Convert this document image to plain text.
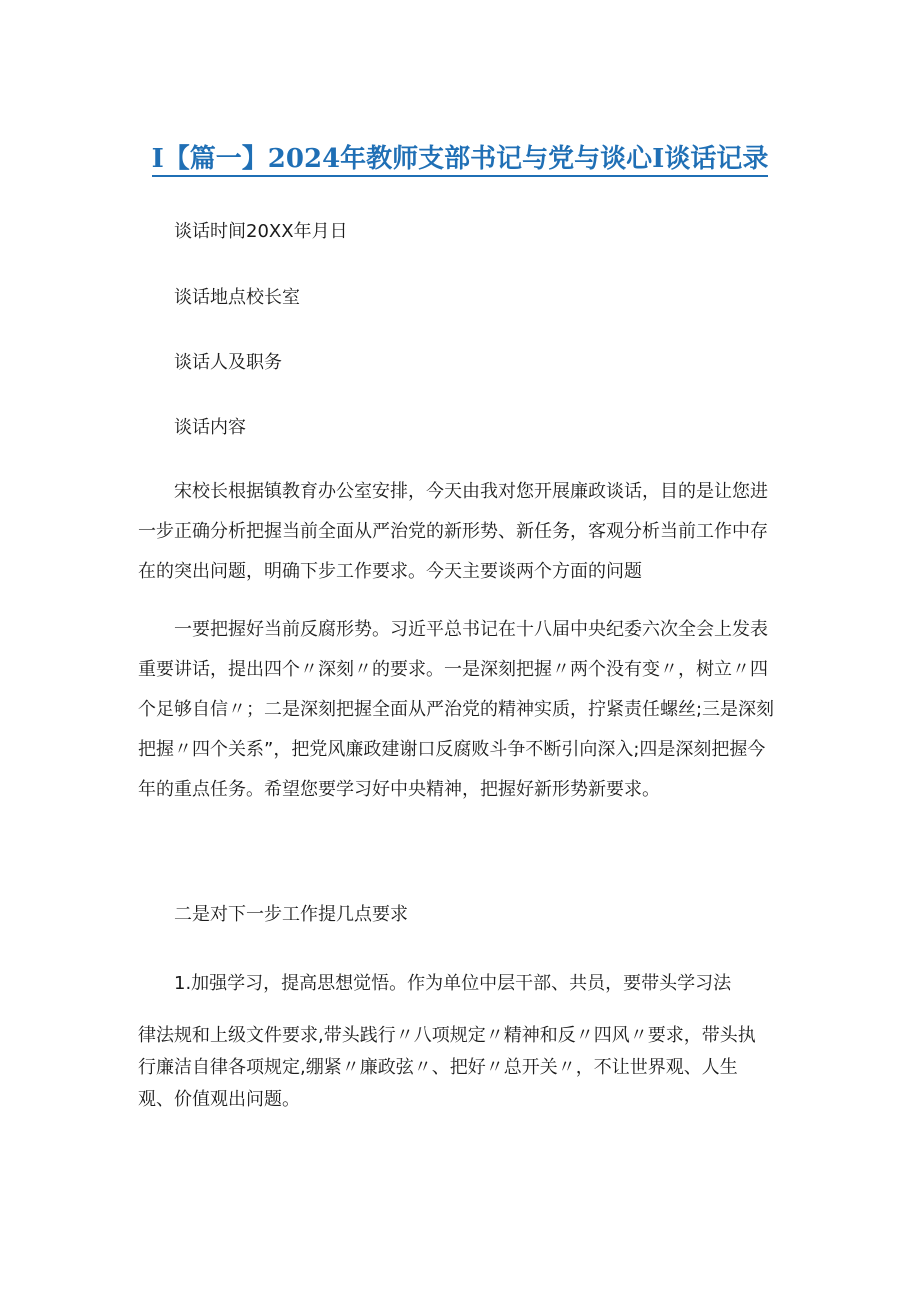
I【篇一】2024年教师支部书记与党与谈心I谈话记录
谈话时间20XX年月日
谈话地点校长室
谈话人及职务
谈话内容

宋校长根据镇教育办公室安排，今天由我对您开展廉政谈话，目的是让您进

一步正确分析把握当前全面从严治党的新形势、新任务，客观分析当前工作中存

在的突出问题，明确下步工作要求。今天主要谈两个方面的问题

一要把握好当前反腐形势。习近平总书记在十八届中央纪委六次全会上发表

重要讲话，提出四个〃深刻〃的要求。一是深刻把握〃两个没有变〃，树立〃四

个足够自信〃；二是深刻把握全面从严治党的精神实质，拧紧责任螺丝;三是深刻

把握〃四个关系”，把党风廉政建谢口反腐败斗争不断引向深入;四是深刻把握今

年的重点任务。希望您要学习好中央精神，把握好新形势新要求。

二是对下一步工作提几点要求
1.加强学习，提高思想觉悟。作为单位中层干部、共员，要带头学习法

律法规和上级文件要求,带头践行〃八项规定〃精神和反〃四风〃要求，带头执

行廉洁自律各项规定,绷紧〃廉政弦〃、把好〃总开关〃，不让世界观、人生

观、价值观出问题。
